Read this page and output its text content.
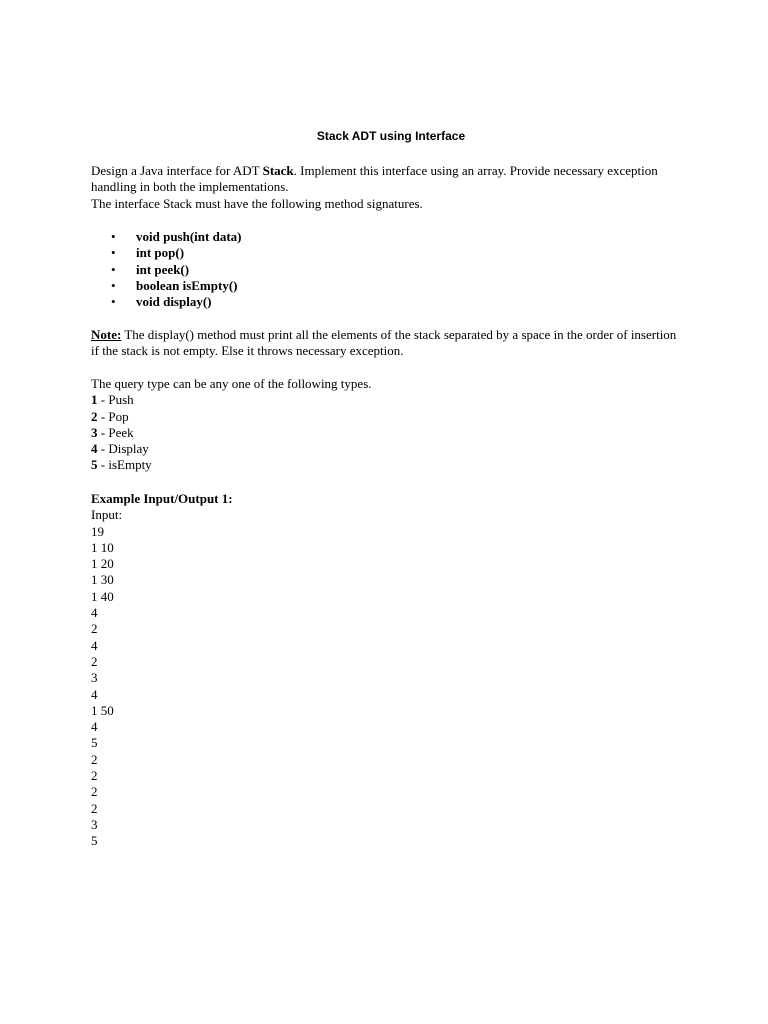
Stack ADT using Interface

Design a Java interface for ADT Stack. Implement this interface using an array. Provide necessary exception handling in both the implementations.

The interface Stack must have the following method signatures.

• void push(int data)
• int pop()
• int peek()
• boolean isEmpty()
• void display()

Note: The display() method must print all the elements of the stack separated by a space in the order of insertion if the stack is not empty. Else it throws necessary exception.

The query type can be any one of the following types.

1 - Push
2 - Pop
3 - Peek
4 - Display
5 - isEmpty

Example Input/Output 1:

Input:
19
1 10
1 20
1 30
1 40
4
2
4
2
3
4
1 50
4
5
2
2
2
2
3
5
